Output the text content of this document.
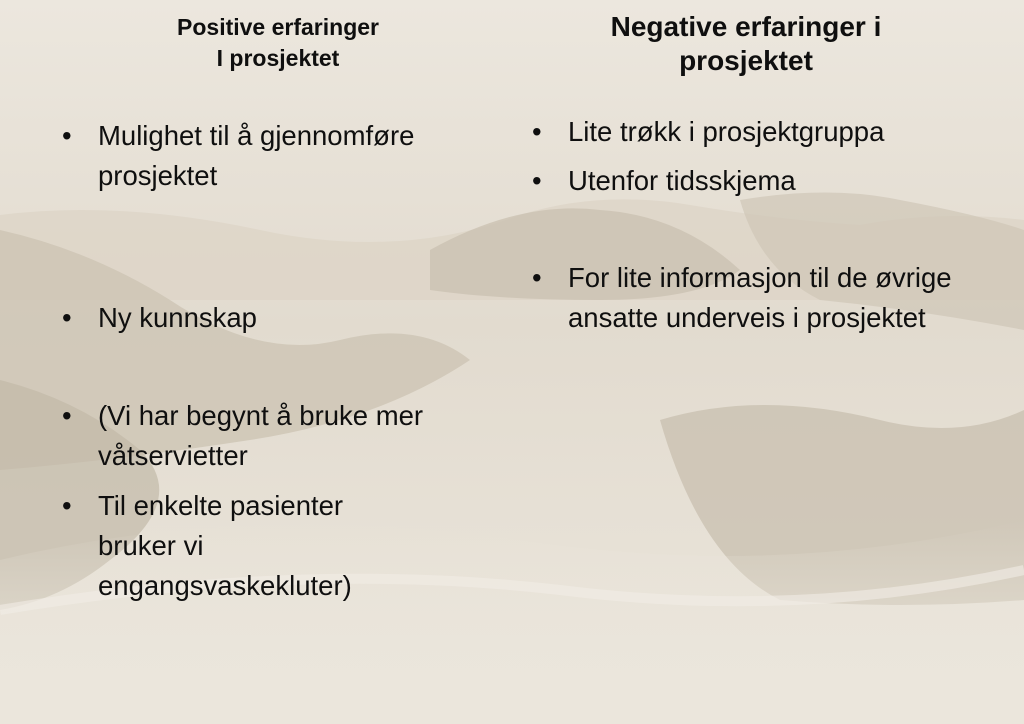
Positive erfaringer
I prosjektet
Negative erfaringer i prosjektet
• Mulighet til å gjennomføre prosjektet
• Ny kunnskap
• (Vi har begynt å bruke mer våtservietter
• Til enkelte pasienter bruker vi engangsvaskekluter)
• Lite trøkk i prosjektgruppa
• Utenfor tidsskjema
• For lite informasjon til de øvrige ansatte underveis i prosjektet
